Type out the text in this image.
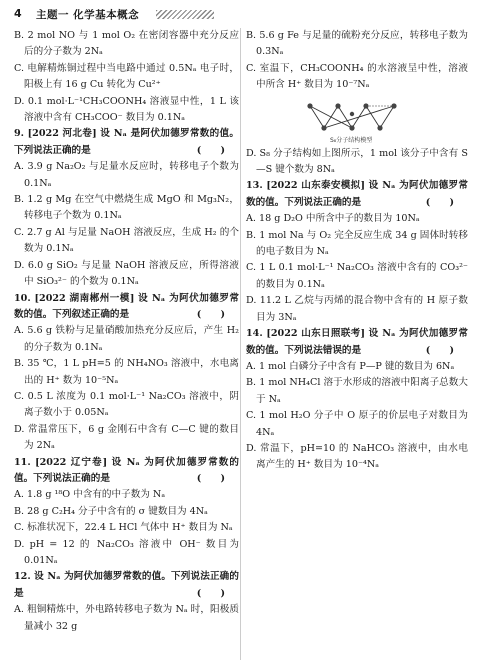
4 主题一 化学基本概念

B. 2 mol NO 与 1 mol O₂ 在密闭容器中充分反应后的分子数为 2Nₐ

C. 电解精炼铜过程中当电路中通过 0.5Nₐ 电子时，阳极上有 16 g Cu 转化为 Cu²⁺

D. 0.1 mol·L⁻¹CH₃COONH₄ 溶液显中性，1 L 该溶液中含有 CH₃COO⁻ 数目为 0.1Nₐ

9. [2022 河北卷] 设 Nₐ 是阿伏加德罗常数的值。下列说法正确的是	(　　)

A. 3.9 g Na₂O₂ 与足量水反应时，转移电子个数为 0.1Nₐ

B. 1.2 g Mg 在空气中燃烧生成 MgO 和 Mg₃N₂，转移电子个数为 0.1Nₐ

C. 2.7 g Al 与足量 NaOH 溶液反应，生成 H₂ 的个数为 0.1Nₐ

D. 6.0 g SiO₂ 与足量 NaOH 溶液反应，所得溶液中 SiO₃²⁻ 的个数为 0.1Nₐ

10. [2022 湖南郴州一模] 设 Nₐ 为阿伏加德罗常数的值。下列叙述正确的是	(　　)

A. 5.6 g 铁粉与足量硝酸加热充分反应后，产生 H₂ 的分子数为 0.1Nₐ

B. 35 ℃，1 L pH=5 的 NH₄NO₃ 溶液中，水电离出的 H⁺ 数为 10⁻⁵Nₐ

C. 0.5 L 浓度为 0.1 mol·L⁻¹ Na₂CO₃ 溶液中，阴离子数小于 0.05Nₐ

D. 常温常压下，6 g 金刚石中含有 C—C 键的数目为 2Nₐ

11. [2022 辽宁卷] 设 Nₐ 为阿伏加德罗常数的值。下列说法正确的是	(　　)

A. 1.8 g ¹⁸O 中含有的中子数为 Nₐ

B. 28 g C₂H₄ 分子中含有的 σ 键数目为 4Nₐ

C. 标准状况下，22.4 L HCl 气体中 H⁺ 数目为 Nₐ

D. pH = 12 的 Na₂CO₃ 溶液中 OH⁻ 数目为 0.01Nₐ

12. 设 Nₐ 为阿伏加德罗常数的值。下列说法正确的是	(　　)

A. 粗铜精炼中，外电路转移电子数为 Nₐ 时，阳极质量减小 32 g

B. 5.6 g Fe 与足量的硫粉充分反应，转移电子数为 0.3Nₐ

C. 室温下，CH₃COONH₄ 的水溶液呈中性，溶液中所含 H⁺ 数目为 10⁻⁷Nₐ

S₈分子结构模型

D. S₈ 分子结构如上图所示，1 mol 该分子中含有 S—S 键个数为 8Nₐ

13. [2022 山东泰安模拟] 设 Nₐ 为阿伏加德罗常数的值。下列说法正确的是	(　　)

A. 18 g D₂O 中所含中子的数目为 10Nₐ

B. 1 mol Na 与 O₂ 完全反应生成 34 g 固体时转移的电子数目为 Nₐ

C. 1 L 0.1 mol·L⁻¹ Na₂CO₃ 溶液中含有的 CO₃²⁻ 的数目为 0.1Nₐ

D. 11.2 L 乙烷与丙烯的混合物中含有的 H 原子数目为 3Nₐ

14. [2022 山东日照联考] 设 Nₐ 为阿伏加德罗常数的值。下列说法错误的是	(　　)

A. 1 mol 白磷分子中含有 P—P 键的数目为 6Nₐ

B. 1 mol NH₄Cl 溶于水形成的溶液中阳离子总数大于 Nₐ

C. 1 mol H₂O 分子中 O 原子的价层电子对数目为 4Nₐ

D. 常温下，pH=10 的 NaHCO₃ 溶液中，由水电离产生的 H⁺ 数目为 10⁻⁴Nₐ
